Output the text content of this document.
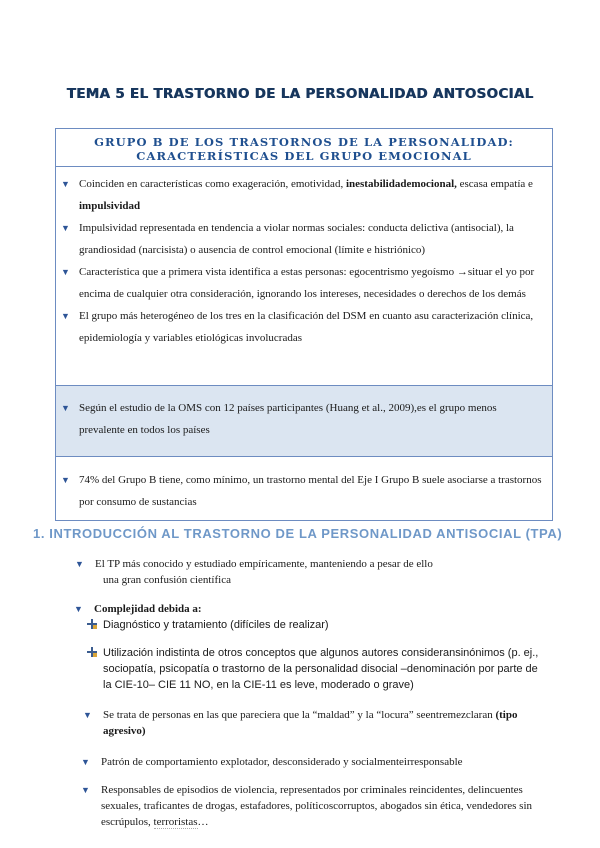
TEMA 5 EL TRASTORNO DE LA PERSONALIDAD ANTOSOCIAL
GRUPO B DE LOS TRASTORNOS DE LA PERSONALIDAD:
CARACTERÍSTICAS DEL GRUPO EMOCIONAL
▼ Coinciden en características como exageración, emotividad, inestabilidademocional, escasa empatía e impulsividad
▼ Impulsividad representada en tendencia a violar normas sociales: conducta delictiva (antisocial), la grandiosidad (narcisista) o ausencia de control emocional (límite e histriónico)
▼ Característica que a primera vista identifica a estas personas: egocentrismo yegoísmo →situar el yo por encima de cualquier otra consideración, ignorando los intereses, necesidades o derechos de los demás
▼ El grupo más heterogéneo de los tres en la clasificación del DSM en cuanto asu caracterización clínica, epidemiología y variables etiológicas involucradas
▼ Según el estudio de la OMS con 12 países participantes (Huang et al., 2009),es el grupo menos prevalente en todos los países
▼ 74% del Grupo B tiene, como mínimo, un trastorno mental del Eje I Grupo B suele asociarse a trastornos por consumo de sustancias
1. INTRODUCCIÓN AL TRASTORNO DE LA PERSONALIDAD ANTISOCIAL (TPA)
▼ El TP más conocido y estudiado empíricamente, manteniendo a pesar de ello
una gran confusión científica
▼ Complejidad debida a:
Diagnóstico y tratamiento (difíciles de realizar)
Utilización indistinta de otros conceptos que algunos autores consideransinónimos (p. ej., sociopatía, psicopatía o trastorno de la personalidad disocial –denominación por parte de la CIE-10– CIE 11 NO, en la CIE-11 es leve, moderado o grave)
▼ Se trata de personas en las que pareciera que la “maldad” y la “locura” seentremezclaran (tipo agresivo)
▼ Patrón de comportamiento explotador, desconsiderado y socialmenteirresponsable
▼ Responsables de episodios de violencia, representados por criminales reincidentes, delincuentes sexuales, traficantes de drogas, estafadores, políticoscorruptos, abogados sin ética, vendedores sin escrúpulos, terroristas…
